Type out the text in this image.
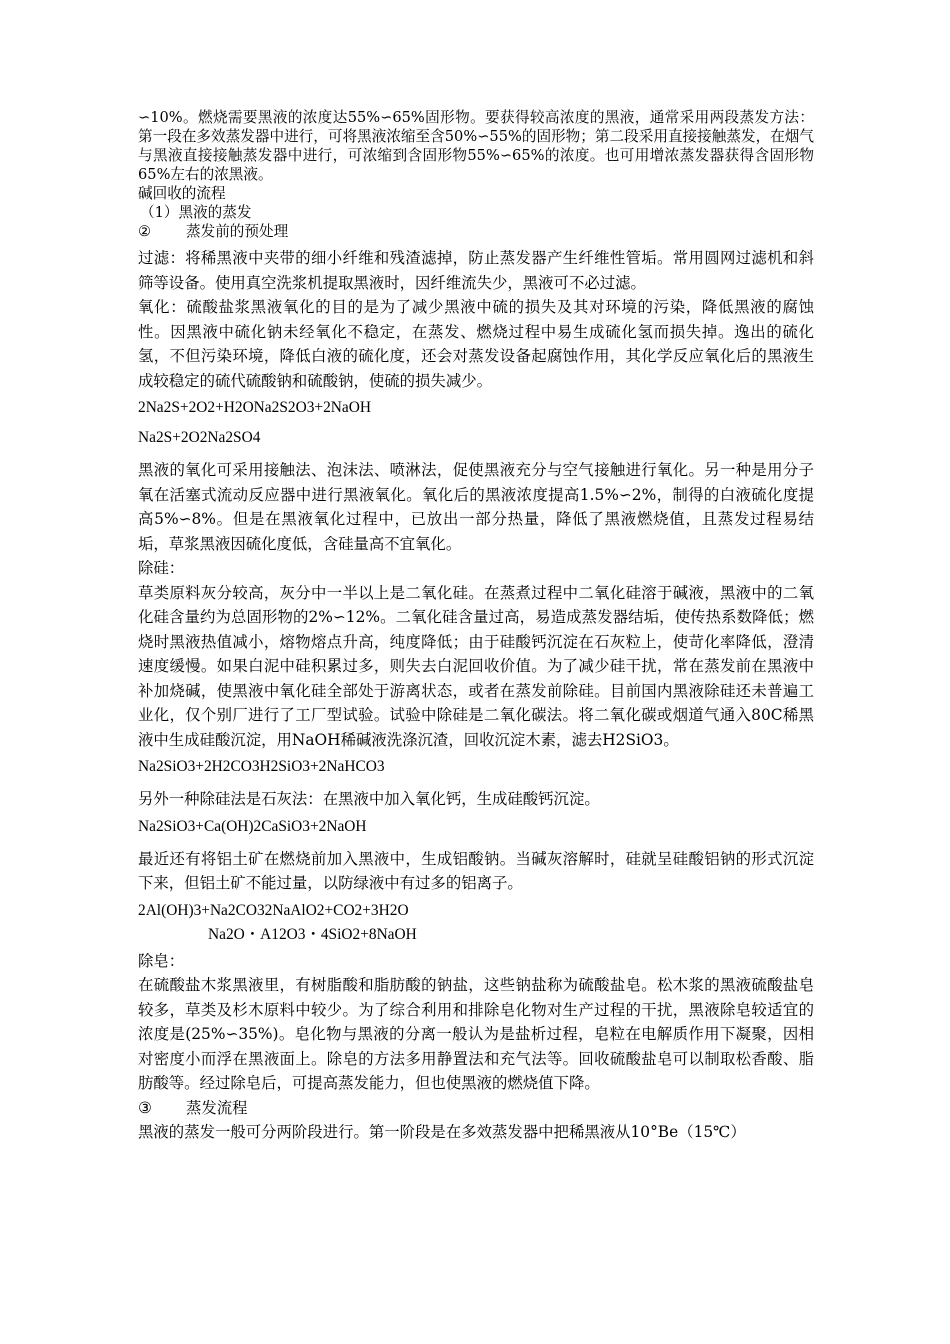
∽10%。燃烧需要黑液的浓度达55%∽65%固形物。要获得较高浓度的黑液，通常采用两段蒸发方法：第一段在多效蒸发器中进行，可将黑液浓缩至含50%∽55%的固形物；第二段采用直接接触蒸发，在烟气与黑液直接接触蒸发器中进行，可浓缩到含固形物55%∽65%的浓度。也可用增浓蒸发器获得含固形物65%左右的浓黑液。

碱回收的流程

（1）黑液的蒸发

② 蒸发前的预处理

过滤：将稀黑液中夹带的细小纤维和残渣滤掉，防止蒸发器产生纤维性管垢。常用圆网过滤机和斜筛等设备。使用真空洗浆机提取黑液时，因纤维流失少，黑液可不必过滤。

氧化：硫酸盐浆黑液氧化的目的是为了减少黑液中硫的损失及其对环境的污染，降低黑液的腐蚀性。因黑液中硫化钠未经氧化不稳定，在蒸发、燃烧过程中易生成硫化氢而损失掉。逸出的硫化氢，不但污染环境，降低白液的硫化度，还会对蒸发设备起腐蚀作用，其化学反应氧化后的黑液生成较稳定的硫代硫酸钠和硫酸钠，使硫的损失减少。

2Na2S+2O2+H2ONa2S2O3+2NaOH

Na2S+2O2Na2SO4

黑液的氧化可采用接触法、泡沫法、喷淋法，促使黑液充分与空气接触进行氧化。另一种是用分子氧在活塞式流动反应器中进行黑液氧化。氧化后的黑液浓度提高1.5%∽2%，制得的白液硫化度提高5%∽8%。但是在黑液氧化过程中，已放出一部分热量，降低了黑液燃烧值，且蒸发过程易结垢，草浆黑液因硫化度低，含硅量高不宜氧化。

除硅：

草类原料灰分较高，灰分中一半以上是二氧化硅。在蒸煮过程中二氧化硅溶于碱液，黑液中的二氧化硅含量约为总固形物的2%∽12%。二氧化硅含量过高，易造成蒸发器结垢，使传热系数降低；燃烧时黑液热值减小，熔物熔点升高，纯度降低；由于硅酸钙沉淀在石灰粒上，使苛化率降低，澄清速度缓慢。如果白泥中硅积累过多，则失去白泥回收价值。为了减少硅干扰，常在蒸发前在黑液中补加烧碱，使黑液中氧化硅全部处于游离状态，或者在蒸发前除硅。目前国内黑液除硅还未普遍工业化，仅个别厂进行了工厂型试验。试验中除硅是二氧化碳法。将二氧化碳或烟道气通入80C稀黑液中生成硅酸沉淀，用NaOH稀碱液洗涤沉渣，回收沉淀木素，滤去H2SiO3。

Na2SiO3+2H2CO3H2SiO3+2NaHCO3

另外一种除硅法是石灰法：在黑液中加入氧化钙，生成硅酸钙沉淀。

Na2SiO3+Ca(OH)2CaSiO3+2NaOH

最近还有将铝土矿在燃烧前加入黑液中，生成铝酸钠。当碱灰溶解时，硅就呈硅酸铝钠的形式沉淀下来，但铝土矿不能过量，以防绿液中有过多的铝离子。

2Al(OH)3+Na2CO32NaAlO2+CO2+3H2O

Na2O・A12O3・4SiO2+8NaOH

除皂：

在硫酸盐木浆黑液里，有树脂酸和脂肪酸的钠盐，这些钠盐称为硫酸盐皂。松木浆的黑液硫酸盐皂较多，草类及杉木原料中较少。为了综合利用和排除皂化物对生产过程的干扰，黑液除皂较适宜的浓度是(25%∽35%)。皂化物与黑液的分离一般认为是盐析过程，皂粒在电解质作用下凝聚，因相对密度小而浮在黑液面上。除皂的方法多用静置法和充气法等。回收硫酸盐皂可以制取松香酸、脂肪酸等。经过除皂后，可提高蒸发能力，但也使黑液的燃烧值下降。

③ 蒸发流程

黑液的蒸发一般可分两阶段进行。第一阶段是在多效蒸发器中把稀黑液从10°Be（15℃）
